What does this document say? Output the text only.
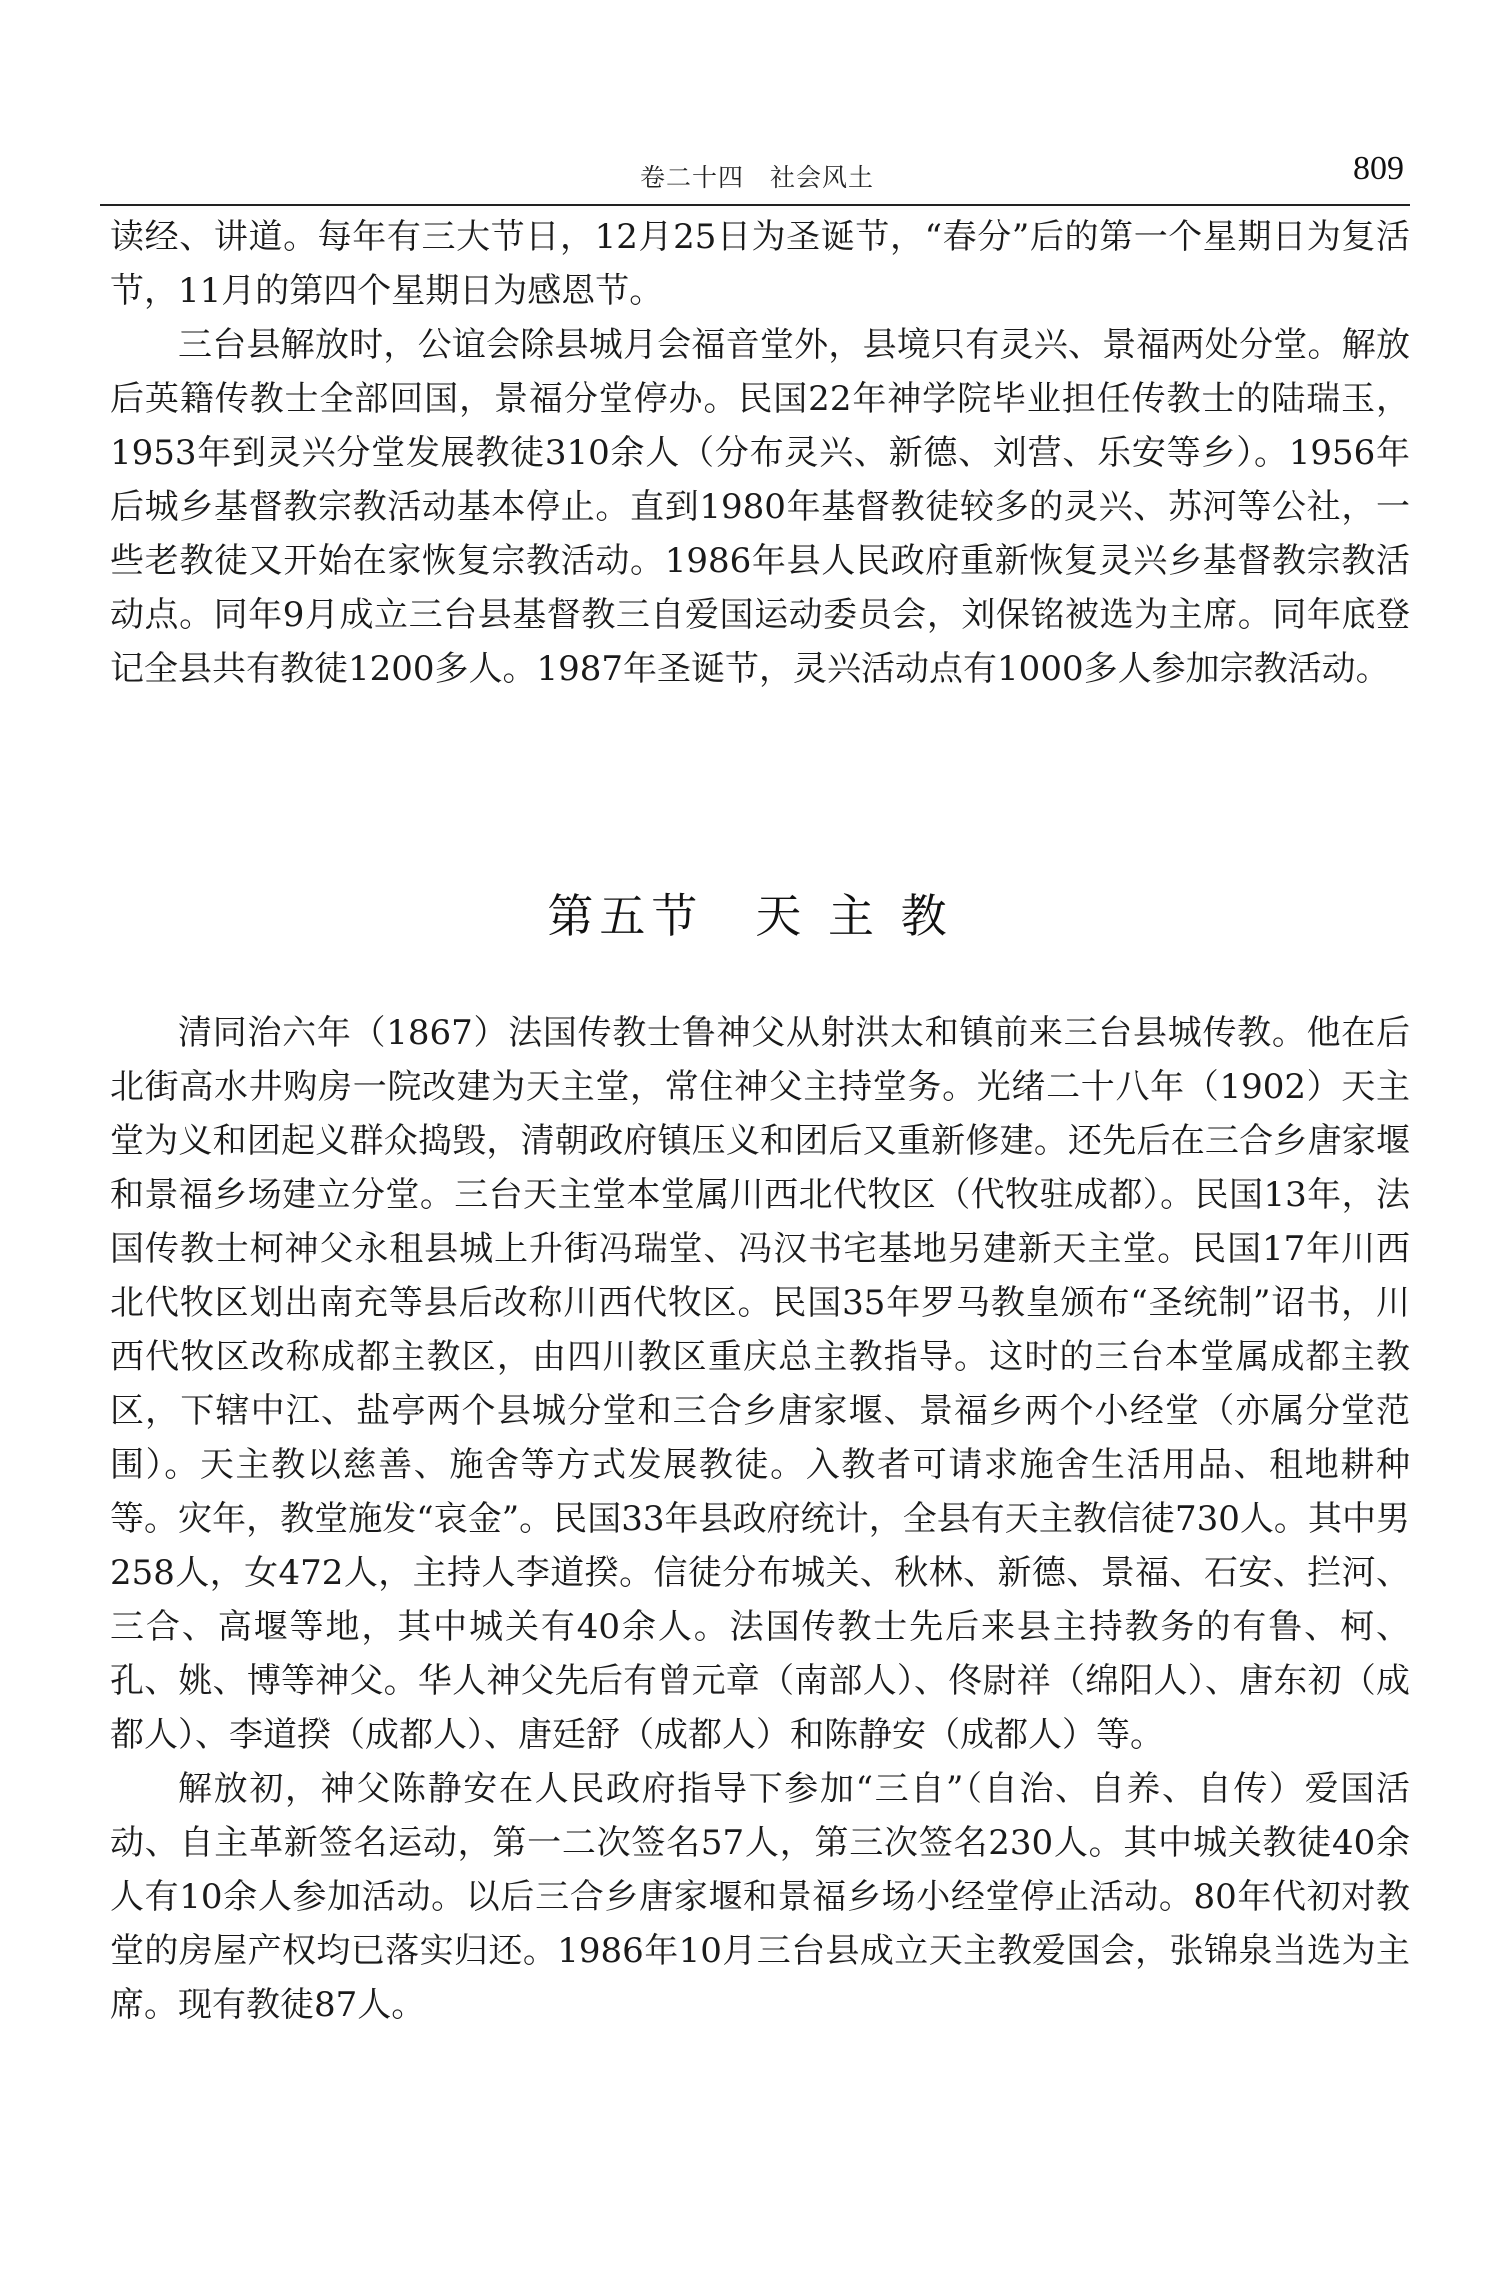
卷二十四　社会风土	809

读经、讲道。每年有三大节日，12月25日为圣诞节，“春分”后的第一个星期日为复活节，11月的第四个星期日为感恩节。

三台县解放时，公谊会除县城月会福音堂外，县境只有灵兴、景福两处分堂。解放后英籍传教士全部回国，景福分堂停办。民国22年神学院毕业担任传教士的陆瑞玉，1953年到灵兴分堂发展教徒310余人（分布灵兴、新德、刘营、乐安等乡）。1956年后城乡基督教宗教活动基本停止。直到1980年基督教徒较多的灵兴、苏河等公社，一些老教徒又开始在家恢复宗教活动。1986年县人民政府重新恢复灵兴乡基督教宗教活动点。同年9月成立三台县基督教三自爱国运动委员会，刘保铭被选为主席。同年底登记全县共有教徒1200多人。1987年圣诞节，灵兴活动点有1000多人参加宗教活动。

第五节　天 主 教

清同治六年（1867）法国传教士鲁神父从射洪太和镇前来三台县城传教。他在后北街高水井购房一院改建为天主堂，常住神父主持堂务。光绪二十八年（1902）天主堂为义和团起义群众捣毁，清朝政府镇压义和团后又重新修建。还先后在三合乡唐家堰和景福乡场建立分堂。三台天主堂本堂属川西北代牧区（代牧驻成都）。民国13年，法国传教士柯神父永租县城上升街冯瑞堂、冯汉书宅基地另建新天主堂。民国17年川西北代牧区划出南充等县后改称川西代牧区。民国35年罗马教皇颁布“圣统制”诏书，川西代牧区改称成都主教区，由四川教区重庆总主教指导。这时的三台本堂属成都主教区，下辖中江、盐亭两个县城分堂和三合乡唐家堰、景福乡两个小经堂（亦属分堂范围）。天主教以慈善、施舍等方式发展教徒。入教者可请求施舍生活用品、租地耕种等。灾年，教堂施发“哀金”。民国33年县政府统计，全县有天主教信徒730人。其中男258人，女472人，主持人李道揆。信徒分布城关、秋林、新德、景福、石安、拦河、三合、高堰等地，其中城关有40余人。法国传教士先后来县主持教务的有鲁、柯、孔、姚、博等神父。华人神父先后有曾元章（南部人）、佟尉祥（绵阳人）、唐东初（成都人）、李道揆（成都人）、唐廷舒（成都人）和陈静安（成都人）等。

解放初，神父陈静安在人民政府指导下参加“三自”（自治、自养、自传）爱国活动、自主革新签名运动，第一二次签名57人，第三次签名230人。其中城关教徒40余人有10余人参加活动。以后三合乡唐家堰和景福乡场小经堂停止活动。80年代初对教堂的房屋产权均已落实归还。1986年10月三台县成立天主教爱国会，张锦泉当选为主席。现有教徒87人。
